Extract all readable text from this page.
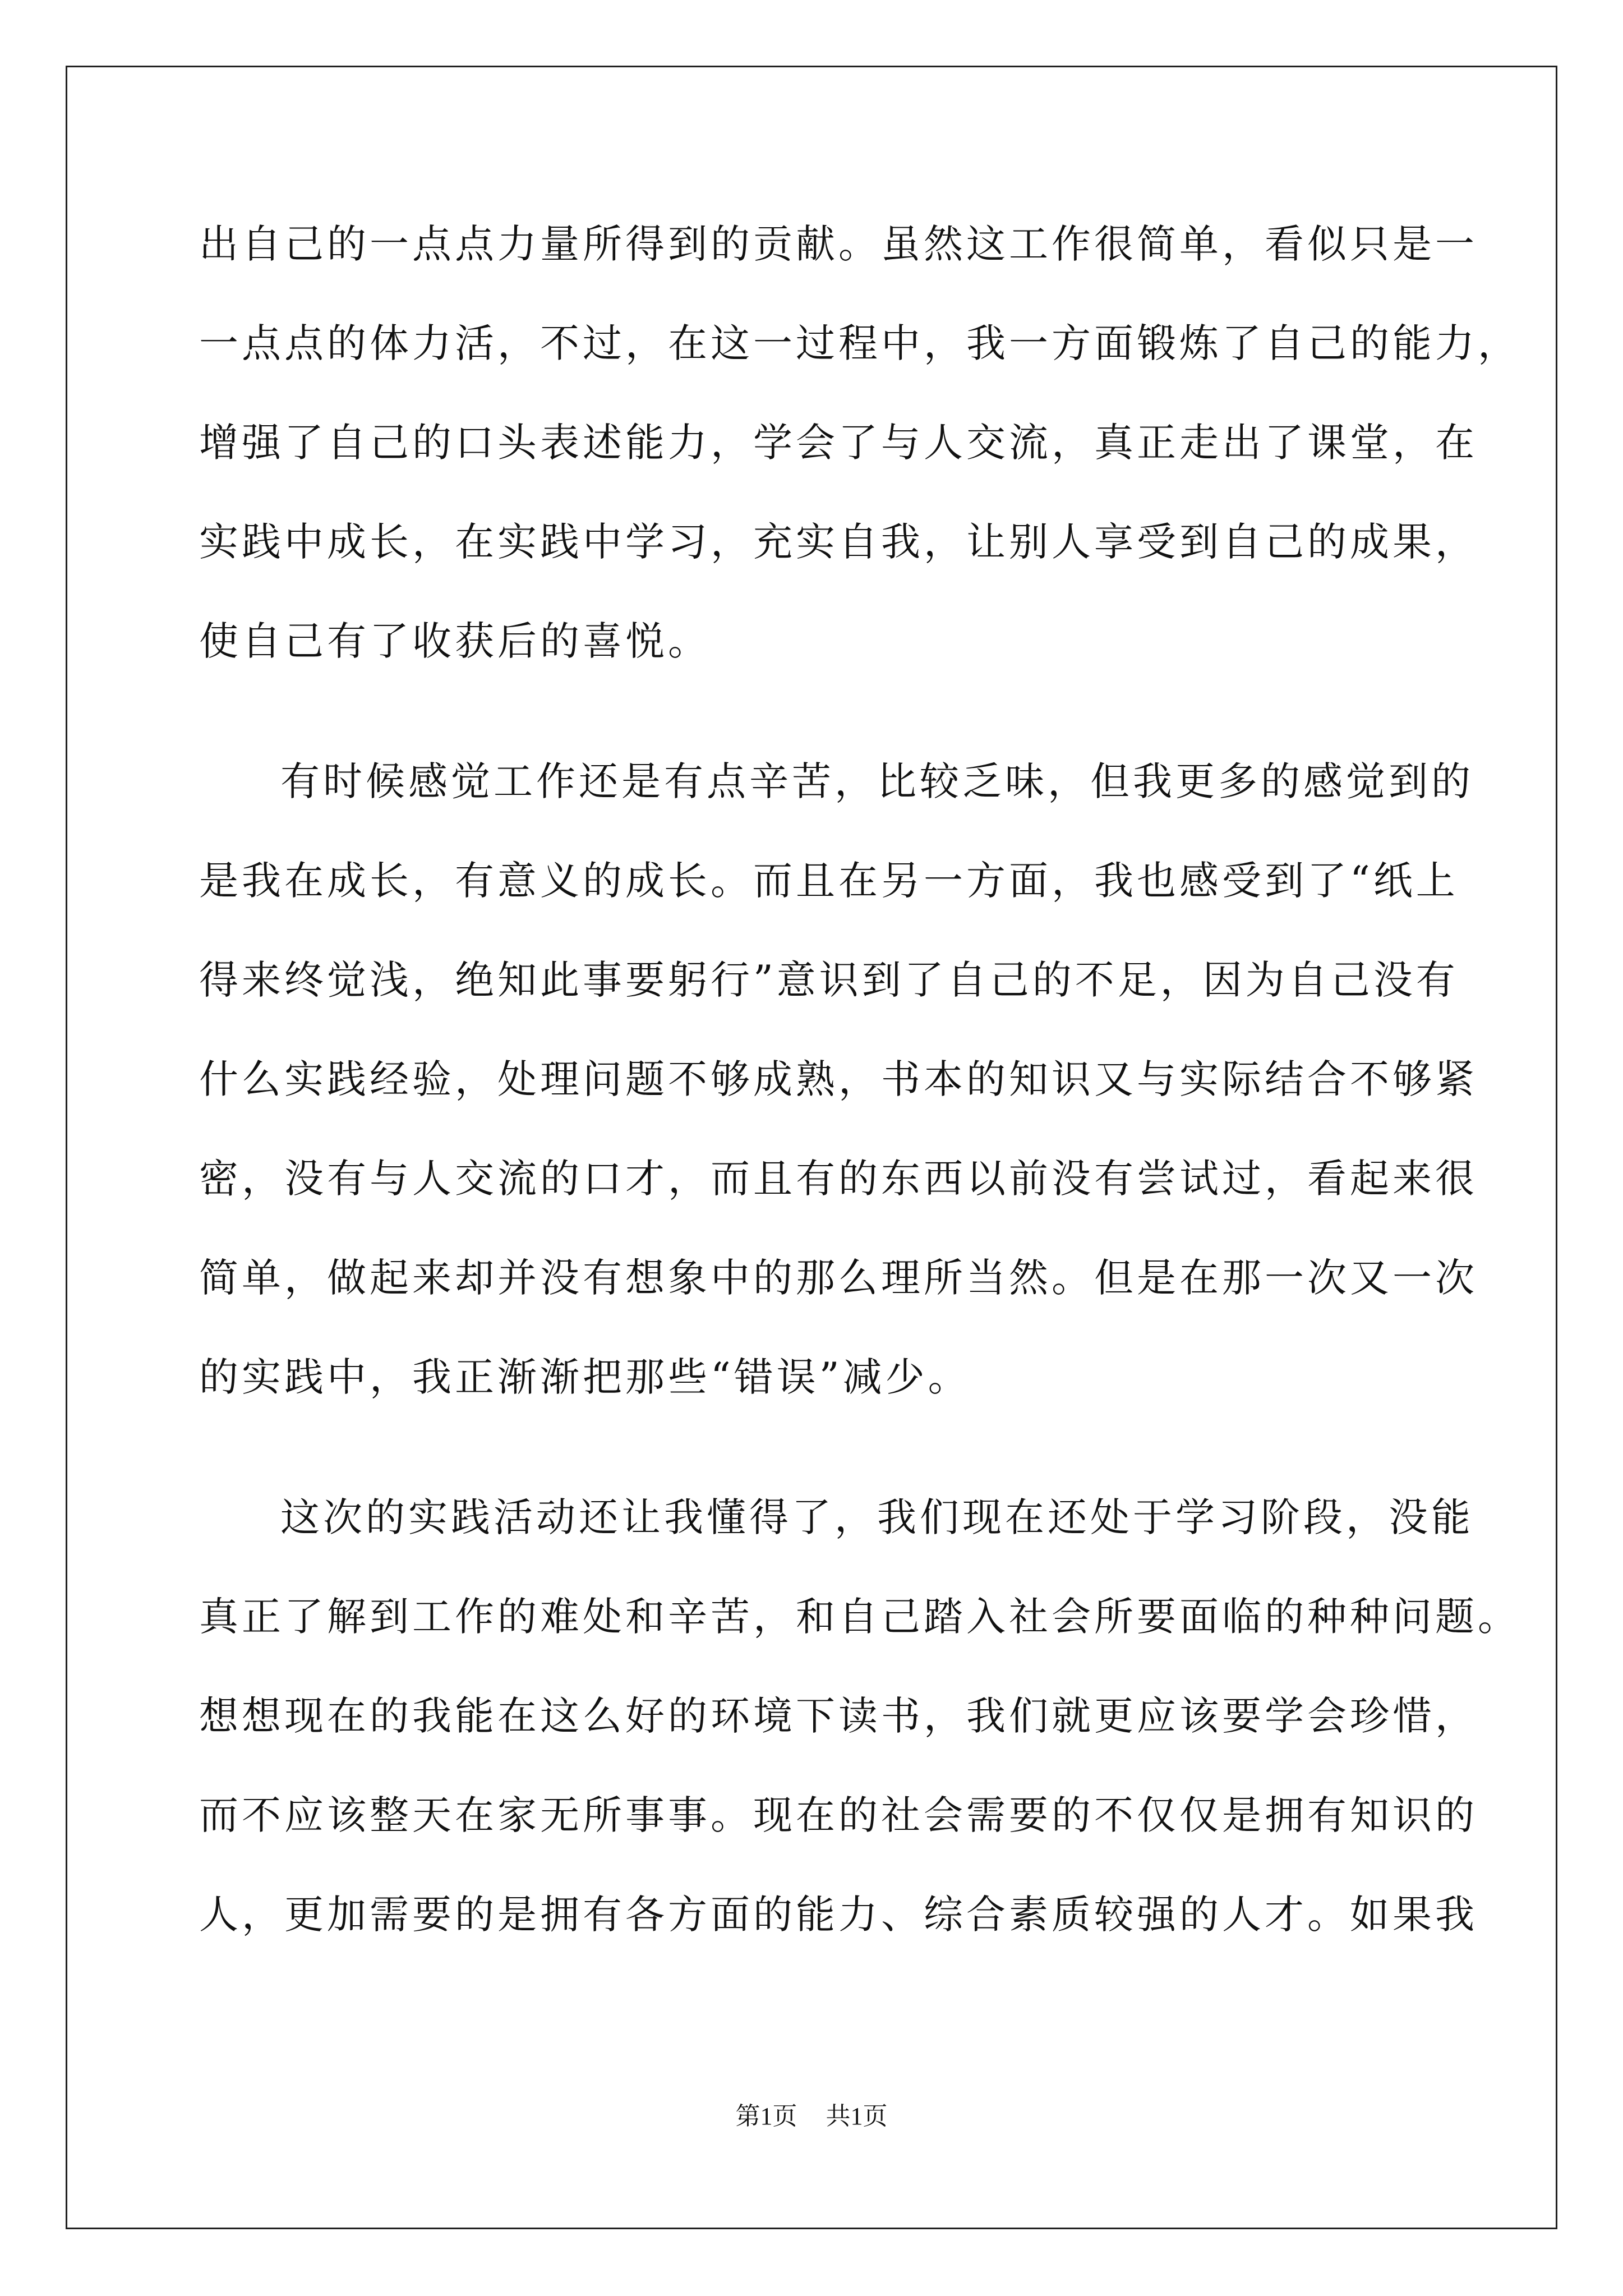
出自己的一点点力量所得到的贡献。虽然这工作很简单，看似只是一
一点点的体力活，不过，在这一过程中，我一方面锻炼了自己的能力，
增强了自己的口头表述能力，学会了与人交流，真正走出了课堂，在
实践中成长，在实践中学习，充实自我，让别人享受到自己的成果，
使自己有了收获后的喜悦。
有时候感觉工作还是有点辛苦，比较乏味，但我更多的感觉到的
是我在成长，有意义的成长。而且在另一方面，我也感受到了“纸上
得来终觉浅，绝知此事要躬行”意识到了自己的不足，因为自己没有
什么实践经验，处理问题不够成熟，书本的知识又与实际结合不够紧
密，没有与人交流的口才，而且有的东西以前没有尝试过，看起来很
简单，做起来却并没有想象中的那么理所当然。但是在那一次又一次
的实践中，我正渐渐把那些“错误”减少。
这次的实践活动还让我懂得了，我们现在还处于学习阶段，没能
真正了解到工作的难处和辛苦，和自己踏入社会所要面临的种种问题。
想想现在的我能在这么好的环境下读书，我们就更应该要学会珍惜，
而不应该整天在家无所事事。现在的社会需要的不仅仅是拥有知识的
人，更加需要的是拥有各方面的能力、综合素质较强的人才。如果我
第1页 共1页
